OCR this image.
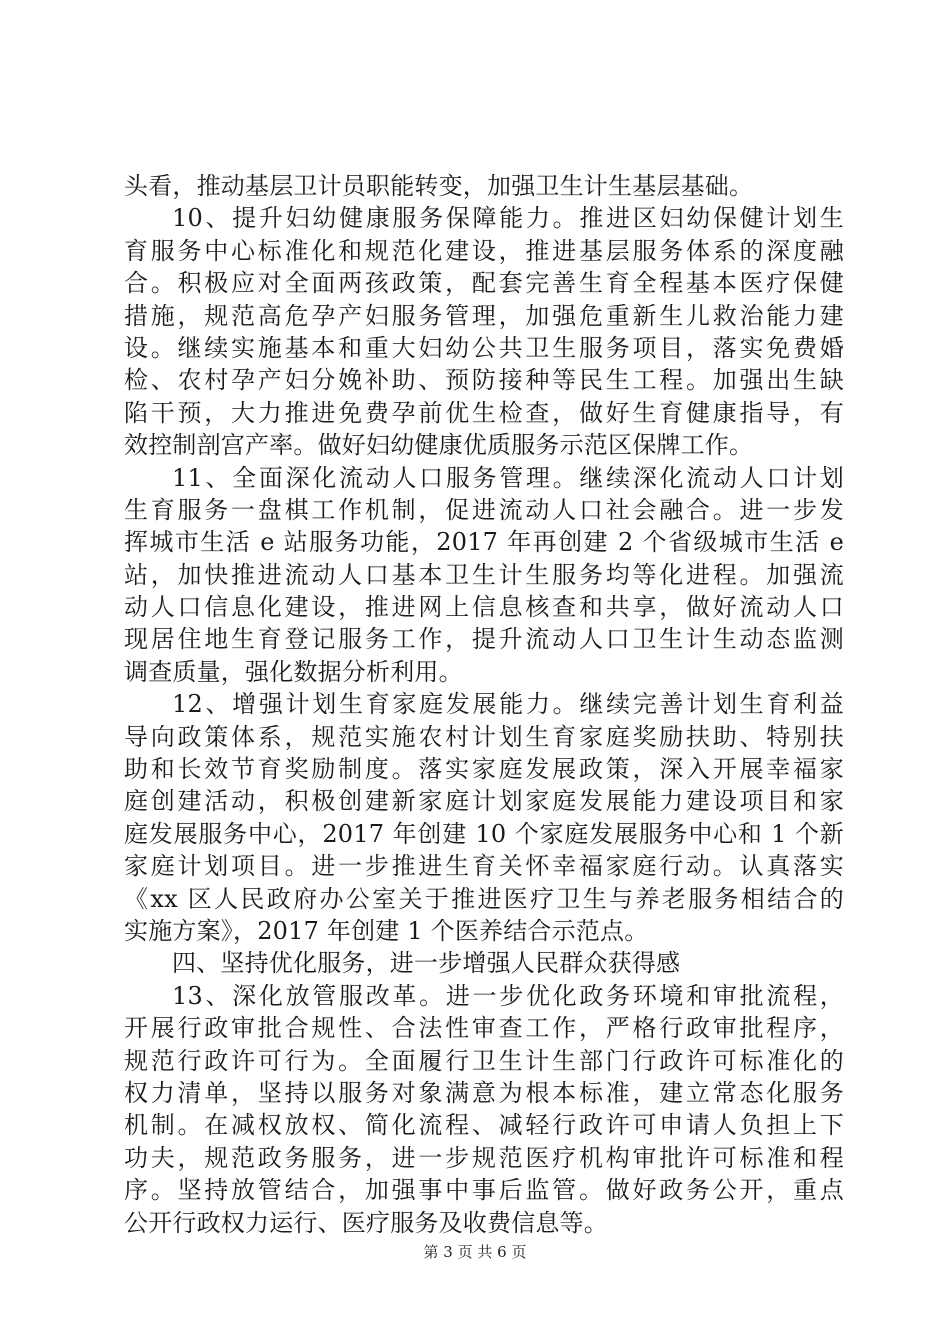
头看，推动基层卫计员职能转变，加强卫生计生基层基础。
10、提升妇幼健康服务保障能力。推进区妇幼保健计划生
育服务中心标准化和规范化建设，推进基层服务体系的深度融
合。积极应对全面两孩政策，配套完善生育全程基本医疗保健
措施，规范高危孕产妇服务管理，加强危重新生儿救治能力建
设。继续实施基本和重大妇幼公共卫生服务项目，落实免费婚
检、农村孕产妇分娩补助、预防接种等民生工程。加强出生缺
陷干预，大力推进免费孕前优生检查，做好生育健康指导，有
效控制剖宫产率。做好妇幼健康优质服务示范区保牌工作。
11、全面深化流动人口服务管理。继续深化流动人口计划
生育服务一盘棋工作机制，促进流动人口社会融合。进一步发
挥城市生活 e 站服务功能，2017 年再创建 2 个省级城市生活 e
站，加快推进流动人口基本卫生计生服务均等化进程。加强流
动人口信息化建设，推进网上信息核查和共享，做好流动人口
现居住地生育登记服务工作，提升流动人口卫生计生动态监测
调查质量，强化数据分析利用。
12、增强计划生育家庭发展能力。继续完善计划生育利益
导向政策体系，规范实施农村计划生育家庭奖励扶助、特别扶
助和长效节育奖励制度。落实家庭发展政策，深入开展幸福家
庭创建活动，积极创建新家庭计划家庭发展能力建设项目和家
庭发展服务中心，2017 年创建 10 个家庭发展服务中心和 1 个新
家庭计划项目。进一步推进生育关怀幸福家庭行动。认真落实
《xx 区人民政府办公室关于推进医疗卫生与养老服务相结合的
实施方案》，2017 年创建 1 个医养结合示范点。
四、坚持优化服务，进一步增强人民群众获得感
13、深化放管服改革。进一步优化政务环境和审批流程，
开展行政审批合规性、合法性审查工作，严格行政审批程序，
规范行政许可行为。全面履行卫生计生部门行政许可标准化的
权力清单，坚持以服务对象满意为根本标准，建立常态化服务
机制。在减权放权、简化流程、减轻行政许可申请人负担上下
功夫，规范政务服务，进一步规范医疗机构审批许可标准和程
序。坚持放管结合，加强事中事后监管。做好政务公开，重点
公开行政权力运行、医疗服务及收费信息等。
第 3 页 共 6 页
